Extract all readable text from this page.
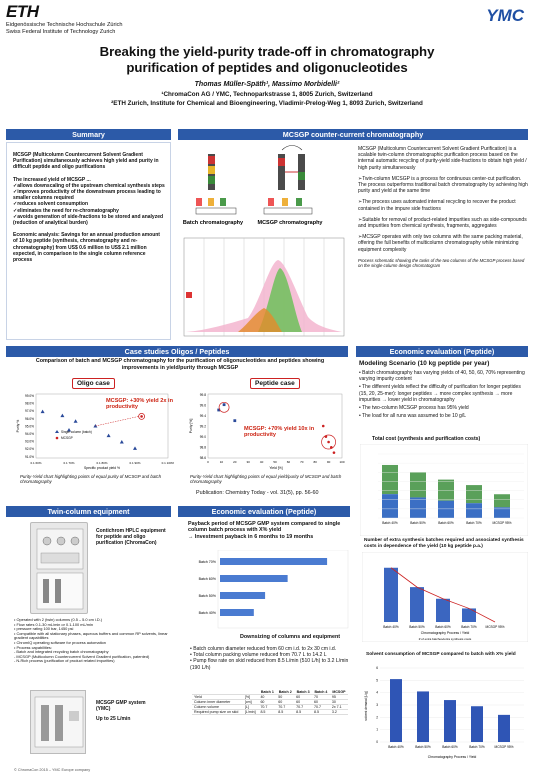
ETH
Eidgenössische Technische Hochschule Zürich
Swiss Federal Institute of Technology Zurich
YMC
Breaking the yield-purity trade-off in chromatography
purification of peptides and oligonucleotides
Thomas Müller-Späth¹, Massimo Morbidelli²
¹ChromaCon AG / YMC, Technoparkstrasse 1, 8005 Zurich, Switzerland
²ETH Zurich, Institute for Chemical and Bioengineering, Vladimir-Prelog-Weg 1, 8093 Zurich, Switzerland
Summary
MCSGP (Multicolumn Countercurrent Solvent Gradient Purification) simultaneously achieves high yield and purity in difficult peptide and oligo purifications
The increased yield of MCSGP ...
✓allows downscaling of the upstream chemical synthesis steps
✓improves productivity of the downstream process leading to smaller columns required
✓reduces solvent consumption
✓eliminates the need for re-chromatography
✓avoids generation of side-fractions to be stored and analyzed (reduction of analytical burden)
Economic analysis: Savings for an annual production amount of 10 kg peptide (synthesis, chromatography and re-chromatography) from US$ 0.6 million to US$ 2.1 million expected, in comparison to the single column reference process
MCSGP counter-current chromatography
Batch chromatography	MCSGP chromatography
MCSGP (Multicolumn Countercurrent Solvent Gradient Purification) is a scalable twin-column chromatographic purification process based on the internal automatic recycling of purity-yield side-fractions to obtain high yield / high purity simultaneously
➢Twin-column MCSGP is a process for continuous center-cut purification. The process outperforms traditional batch chromatography by achieving high purity and yield at the same time
➢The process uses automated internal recycling to recover the product contained in the impure side fractions
➢Suitable for removal of product-related impurities such as side-compounds and impurities from chemical synthesis, fragments, aggregates
➢MCSGP operates with only two columns with the same packing material, offering the full benefits of multicolumn chromatography while minimizing equipment complexity
Process schematic showing the tasks of the two columns of the MCSGP process based on the single column design chromatogram
Case studies Oligos / Peptides
Comparison of batch and MCSGP chromatography for the purification of oligonucleotides and peptides showing improvements in yield/purity through MCSGP
Oligo case	Peptide case
99.0%
98.0%
97.0%
96.0%
95.0%
94.0%
93.0%
92.0%
91.0%
0.1 60%	0.1 70%	0.1 80%	0.1 90%	0.1 100%
Specific product yield %
Purity %	Single column (batch)
MCSGP
MCSGP: +30% yield 2x in productivity
Purity-Yield chart highlighting points of equal purity of MCSGP and batch chromatography
99.8
99.6
99.4
99.2
99.0
98.8
98.6
0	10	20	30	40	50	60	70	80	90	100
Yield [%]
Purity [%]	MCSGP: +70% yield 10x in productivity
Purity-Yield chart highlighting points of equal yield/purity of MCSGP and batch chromatography
Publication: Chemistry Today - vol. 31(5), pp. 56-60
Economic evaluation (Peptide)
Modeling Scenario (10 kg peptide per year)
• Batch chromatography has varying yields of 40, 50, 60, 70% representing varying impurity content
• The different yields reflect the difficulty of purification for longer peptides (15, 20, 25-mer): longer peptides → more complex synthesis → more impurities → lower yield in chromatography
• The two-column MCSGP process has 95% yield
• The load for all runs was assumed to be 10 g/L
Total cost (synthesis and purification costs)
Batch 40%	Batch 50%	Batch 60%	Batch 70%	MCSGP 95%
Twin-column equipment
Contichrom HPLC equipment for peptide and oligo purification (ChromaCon)
• Operated with 2 (twin) columns (0.5 – 5.0 cm i.D.)
• Flow rates 0.1-30 mL/min or 0.1-100 mL/min
• pressure rating 100 bar, 1450 psi
• Compatible with all stationary phases, aqueous buffers and common RP solvents, linear gradient capabilities
• ChromIQ operating software for process automation
• Process capabilities:
- Batch and integrated recycling batch chromatography
- MCSGP (Multicolumn Countercurrent Solvent Gradient purification, patented)
- N-Rich process (purification of product related impurities)
MCSGP GMP system (YMC)
Up to 25 L/min
Economic evaluation (Peptide)
Payback period of MCSGP GMP system compared to single column batch process with X% yield
→ Investment payback in 6 months to 19 months
Batch 70%
Batch 60%
Batch 50%
Batch 40%
Downsizing of columns and equipment
• Batch column diameter reduced from 60 cm i.d. to 2x 30 cm i.d.
• Total column packing volume reduced from 70.7 L to 14.2 L
• Pump flow rate on skid reduced from 8.5 L/min (510 L/h) to 3.2 L/min (190 L/h)
		Batch 1	Batch 2	Batch 3	Batch 4	MCSGP
Yield	[%]	40	50	60	70	95
Column inner diameter	[cm]	60	60	60	60	30
Column volume	[L]	70.7	70.7	70.7	70.7	2x 7.1
Required pump size on skid	[L/min]	8.5	8.5	8.5	8.5	3.2
Number of extra synthesis batches required and associated synthesis costs in dependence of the yield (10 kg peptide p.a.)
Batch 40%	Batch 50%	Batch 60%	Batch 70%	MCSGP 95%
Chromatography Process / Yield
# of extra batches/extra synthesis costs
Solvent consumption of MCSGP compared to batch with X% yield
0
1
2
3
4
5
6
Batch 40%	Batch 50%	Batch 60%	Batch 70%	MCSGP 95%
Chromatography Process / Yield
solvent demand [L/g]
© ChromaCon 2015 – YMC Europe company
